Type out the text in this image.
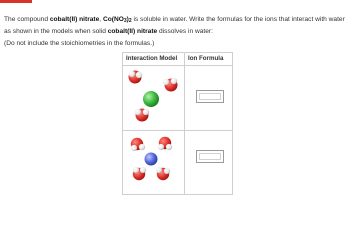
The compound cobalt(II) nitrate, $Co(NO_3)_2$ is soluble in water. Write the formulas for the ions that interact with water as shown in the models when solid cobalt(II) nitrate dissolves in water:
(Do not include the stoichiometries in the formulas.)
Interaction Model Ion Formula
